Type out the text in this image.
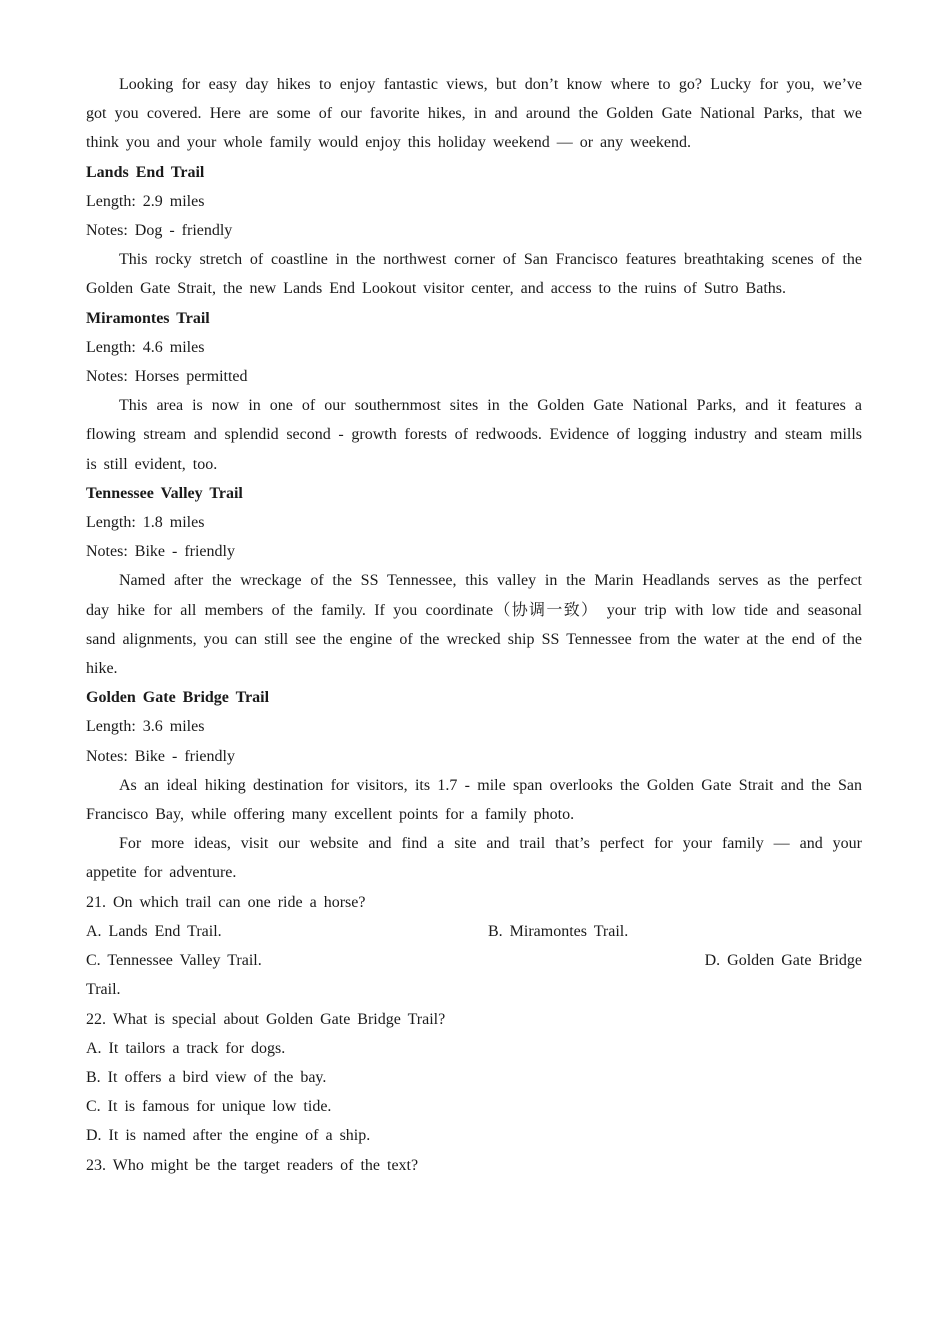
Looking for easy day hikes to enjoy fantastic views, but don’t know where to go? Lucky for you, we’ve got you covered. Here are some of our favorite hikes, in and around the Golden Gate National Parks, that we think you and your whole family would enjoy this holiday weekend — or any weekend.

Lands End Trail

Length: 2.9 miles

Notes: Dog - friendly

This rocky stretch of coastline in the northwest corner of San Francisco features breathtaking scenes of the Golden Gate Strait, the new Lands End Lookout visitor center, and access to the ruins of Sutro Baths.

Miramontes Trail

Length: 4.6 miles

Notes: Horses permitted

This area is now in one of our southernmost sites in the Golden Gate National Parks, and it features a flowing stream and splendid second - growth forests of redwoods. Evidence of logging industry and steam mills is still evident, too.

Tennessee Valley Trail

Length: 1.8 miles

Notes: Bike - friendly

Named after the wreckage of the SS Tennessee, this valley in the Marin Headlands serves as the perfect day hike for all members of the family. If you coordinate（协调一致） your trip with low tide and seasonal sand alignments, you can still see the engine of the wrecked ship SS Tennessee from the water at the end of the hike.

Golden Gate Bridge Trail

Length: 3.6 miles

Notes: Bike - friendly

As an ideal hiking destination for visitors, its 1.7 - mile span overlooks the Golden Gate Strait and the San Francisco Bay, while offering many excellent points for a family photo.

For more ideas, visit our website and find a site and trail that’s perfect for your family — and your appetite for adventure.

21. On which trail can one ride a horse?

A. Lands End Trail.	B. Miramontes Trail.
C. Tennessee Valley Trail.	D. Golden Gate Bridge

Trail.

22. What is special about Golden Gate Bridge Trail?

A. It tailors a track for dogs.

B. It offers a bird view of the bay.

C. It is famous for unique low tide.

D. It is named after the engine of a ship.

23. Who might be the target readers of the text?
